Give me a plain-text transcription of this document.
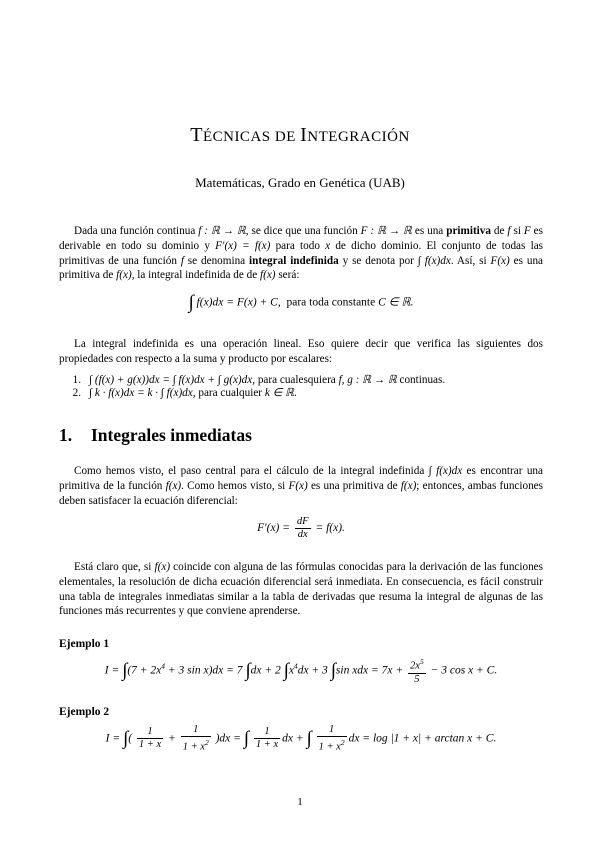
TÉCNICAS DE INTEGRACIÓN
Matemáticas, Grado en Genética (UAB)

Dada una función continua f : ℝ → ℝ, se dice que una función F : ℝ → ℝ es una primitiva de f si F es derivable en todo su dominio y F′(x) = f(x) para todo x de dicho dominio. El conjunto de todas las primitivas de una función f se denomina integral indefinida y se denota por ∫ f(x)dx. Así, si F(x) es una primitiva de f(x), la integral indefinida de de f(x) será:

∫ f(x)dx = F(x) + C, para toda constante C ∈ ℝ.

La integral indefinida es una operación lineal. Eso quiere decir que verifica las siguientes dos propiedades con respecto a la suma y producto por escalares:

1. ∫ (f(x) + g(x))dx = ∫ f(x)dx + ∫ g(x)dx, para cualesquiera f, g : ℝ → ℝ continuas.
2. ∫ k · f(x)dx = k · ∫ f(x)dx, para cualquier k ∈ ℝ.
1. Integrales inmediatas

Como hemos visto, el paso central para el cálculo de la integral indefinida ∫ f(x)dx es encontrar una primitiva de la función f(x). Como hemos visto, si F(x) es una primitiva de f(x); entonces, ambas funciones deben satisfacer la ecuación diferencial:

$F'(x) = \frac{dF}{dx} = f(x)$.

Está claro que, si f(x) coincide con alguna de las fórmulas conocidas para la derivación de las funciones elementales, la resolución de dicha ecuación diferencial será inmediata. En consecuencia, es fácil construir una tabla de integrales inmediatas similar a la tabla de derivadas que resuma la integral de algunas de las funciones más recurrentes y que conviene aprenderse.

Ejemplo 1
$I = \int(7 + 2x^4 + 3$ sin x)dx = 7 ∫dx + 2 $\int x^4dx + 3$ ∫sin xdx = $7x + \frac{2x^5}{5} - 3$ cos x + C.
Ejemplo 2
I = ∫( $\frac{1}{1 + x} + \frac{1}{1 + x^2} )dx$ = ∫ $\frac{1}{1 + x}$ dx + ∫ $\frac{1}{1 + x^2}$ dx = log |1 + x| + arctan x + C.
1
